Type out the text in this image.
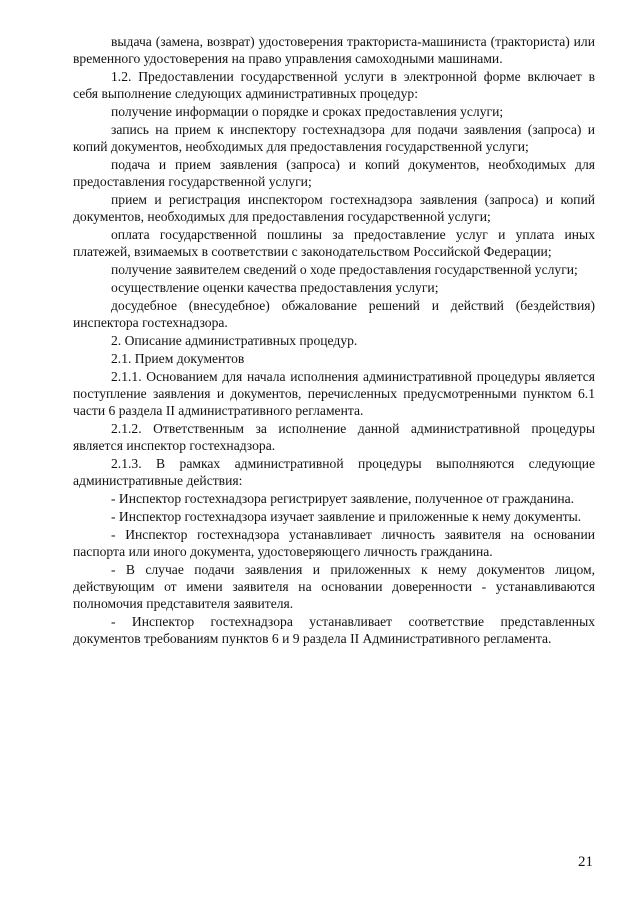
выдача (замена, возврат) удостоверения тракториста-машиниста (тракториста) или временного удостоверения на право управления самоходными машинами.

1.2. Предоставлении государственной услуги в электронной форме включает в себя выполнение следующих административных процедур:

получение информации о порядке и сроках предоставления услуги;

запись на прием к инспектору гостехнадзора для подачи заявления (запроса) и копий документов, необходимых для предоставления государственной услуги;

подача и прием заявления (запроса) и копий документов, необходимых для предоставления государственной услуги;

прием и регистрация инспектором гостехнадзора заявления (запроса) и копий документов, необходимых для предоставления государственной услуги;

оплата государственной пошлины за предоставление услуг и уплата иных платежей, взимаемых в соответствии с законодательством Российской Федерации;

получение заявителем сведений о ходе предоставления государственной услуги;

осуществление оценки качества предоставления услуги;

досудебное (внесудебное) обжалование решений и действий (бездействия) инспектора гостехнадзора.

2. Описание административных процедур.

2.1. Прием документов

2.1.1. Основанием для начала исполнения административной процедуры является поступление заявления и документов, перечисленных предусмотренными пунктом 6.1 части 6 раздела II административного регламента.

2.1.2. Ответственным за исполнение данной административной процедуры является инспектор гостехнадзора.

2.1.3. В рамках административной процедуры выполняются следующие административные действия:

- Инспектор гостехнадзора регистрирует заявление, полученное от гражданина.

- Инспектор гостехнадзора изучает заявление и приложенные к нему документы.

- Инспектор гостехнадзора устанавливает личность заявителя на основании паспорта или иного документа, удостоверяющего личность гражданина.

- В случае подачи заявления и приложенных к нему документов лицом, действующим от имени заявителя на основании доверенности - устанавливаются полномочия представителя заявителя.

- Инспектор гостехнадзора устанавливает соответствие представленных документов требованиям пунктов 6 и 9 раздела II Административного регламента.

21
